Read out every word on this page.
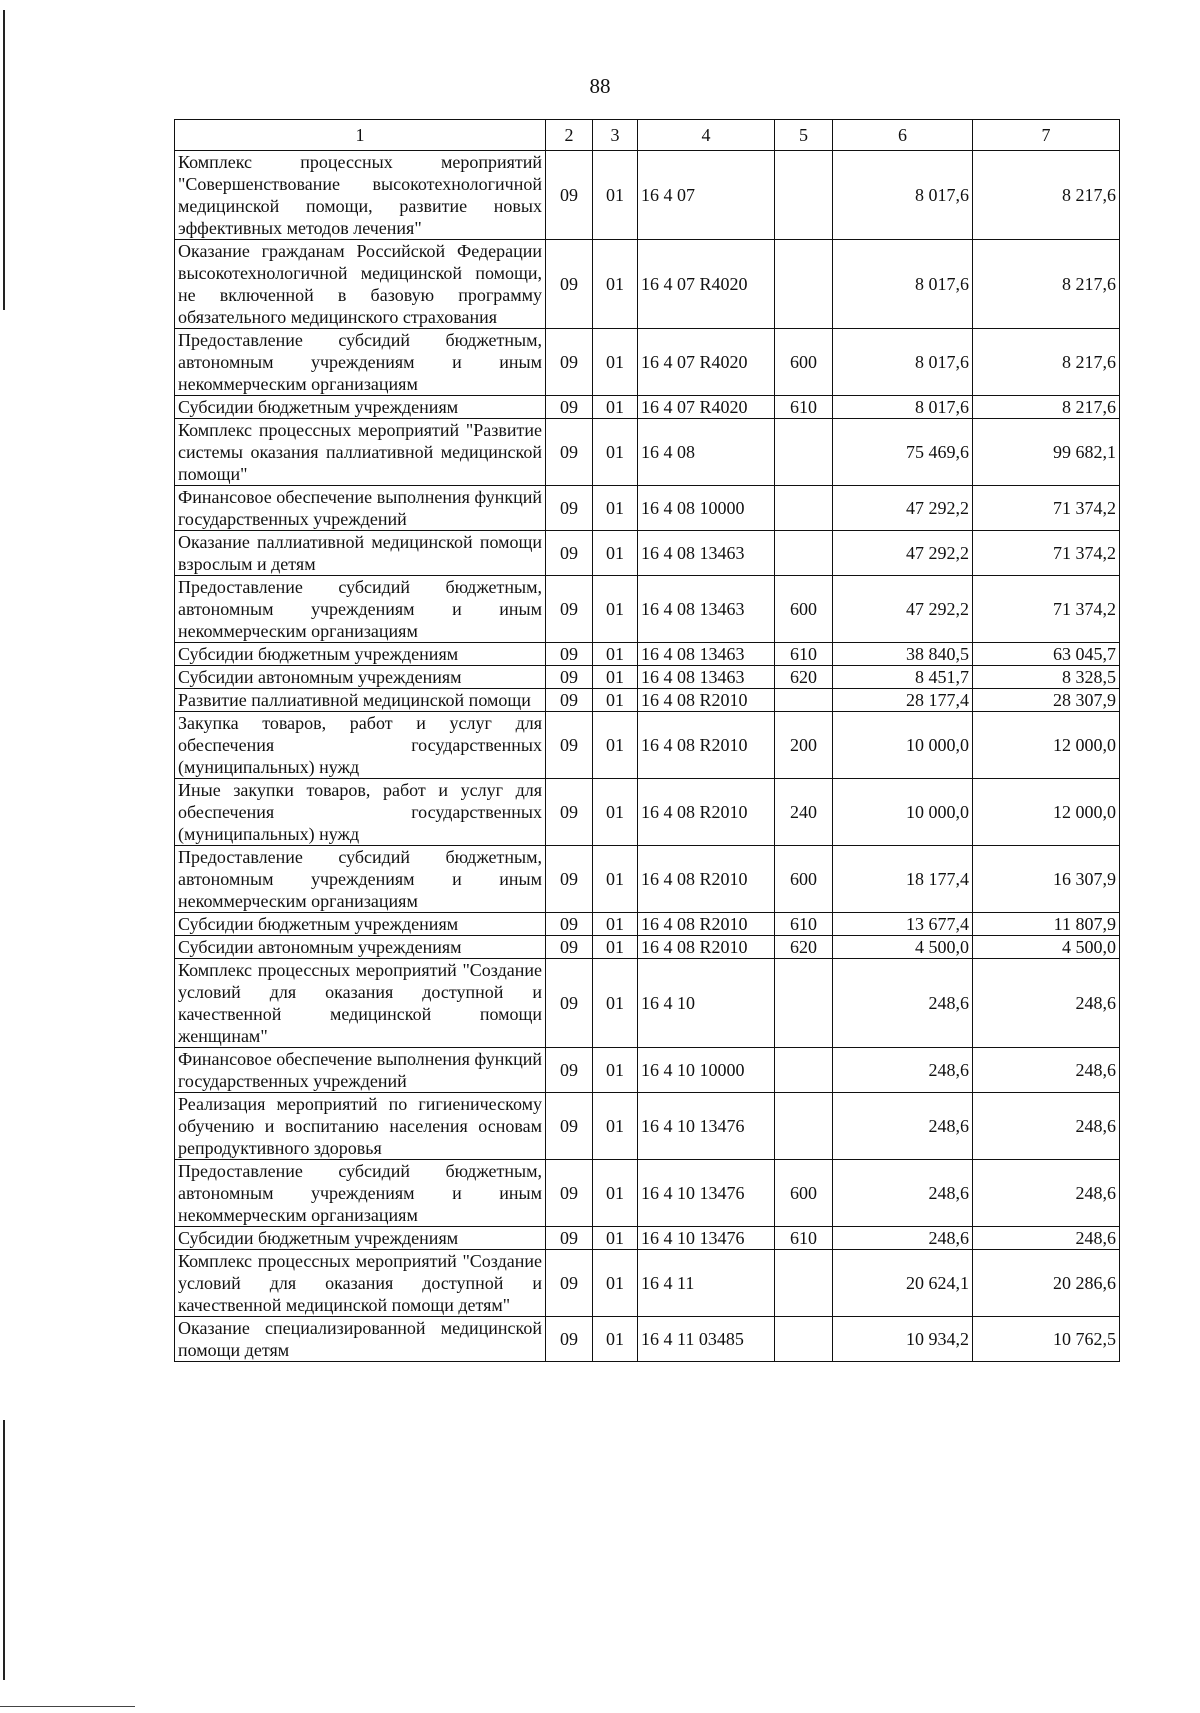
88
1	2	3	4	5	6	7
Комплекс процессных мероприятий "Совершенствование высокотехнологичной медицинской помощи, развитие новых эффективных методов лечения"	09	01	16 4 07		8 017,6	8 217,6
Оказание гражданам Российской Федерации высокотехнологичной медицинской помощи, не включенной в базовую программу обязательного медицинского страхования	09	01	16 4 07 R4020		8 017,6	8 217,6
Предоставление субсидий бюджетным, автономным учреждениям и иным некоммерческим организациям	09	01	16 4 07 R4020	600	8 017,6	8 217,6
Субсидии бюджетным учреждениям	09	01	16 4 07 R4020	610	8 017,6	8 217,6
Комплекс процессных мероприятий "Развитие системы оказания паллиативной медицинской помощи"	09	01	16 4 08		75 469,6	99 682,1
Финансовое обеспечение выполнения функций государственных учреждений	09	01	16 4 08 10000		47 292,2	71 374,2
Оказание паллиативной медицинской помощи взрослым и детям	09	01	16 4 08 13463		47 292,2	71 374,2
Предоставление субсидий бюджетным, автономным учреждениям и иным некоммерческим организациям	09	01	16 4 08 13463	600	47 292,2	71 374,2
Субсидии бюджетным учреждениям	09	01	16 4 08 13463	610	38 840,5	63 045,7
Субсидии автономным учреждениям	09	01	16 4 08 13463	620	8 451,7	8 328,5
Развитие паллиативной медицинской помощи	09	01	16 4 08 R2010		28 177,4	28 307,9
Закупка товаров, работ и услуг для обеспечения государственных (муниципальных) нужд	09	01	16 4 08 R2010	200	10 000,0	12 000,0
Иные закупки товаров, работ и услуг для обеспечения государственных (муниципальных) нужд	09	01	16 4 08 R2010	240	10 000,0	12 000,0
Предоставление субсидий бюджетным, автономным учреждениям и иным некоммерческим организациям	09	01	16 4 08 R2010	600	18 177,4	16 307,9
Субсидии бюджетным учреждениям	09	01	16 4 08 R2010	610	13 677,4	11 807,9
Субсидии автономным учреждениям	09	01	16 4 08 R2010	620	4 500,0	4 500,0
Комплекс процессных мероприятий "Создание условий для оказания доступной и качественной медицинской помощи женщинам"	09	01	16 4 10		248,6	248,6
Финансовое обеспечение выполнения функций государственных учреждений	09	01	16 4 10 10000		248,6	248,6
Реализация мероприятий по гигиеническому обучению и воспитанию населения основам репродуктивного здоровья	09	01	16 4 10 13476		248,6	248,6
Предоставление субсидий бюджетным, автономным учреждениям и иным некоммерческим организациям	09	01	16 4 10 13476	600	248,6	248,6
Субсидии бюджетным учреждениям	09	01	16 4 10 13476	610	248,6	248,6
Комплекс процессных мероприятий "Создание условий для оказания доступной и качественной медицинской помощи детям"	09	01	16 4 11		20 624,1	20 286,6
Оказание специализированной медицинской помощи детям	09	01	16 4 11 03485		10 934,2	10 762,5
